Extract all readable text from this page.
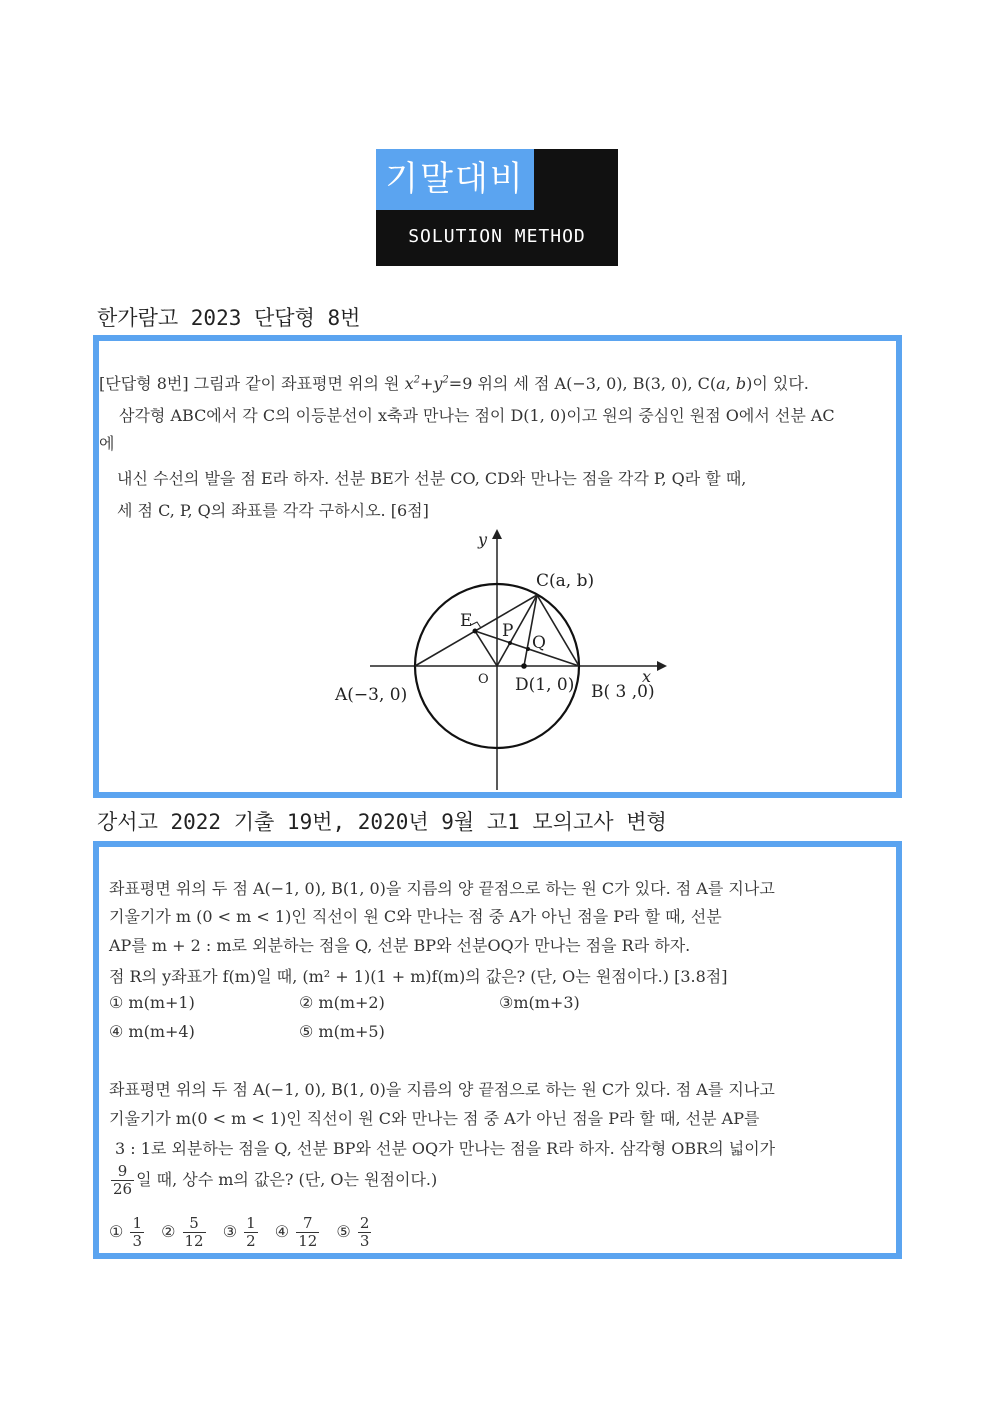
기말대비
SOLUTION METHOD
한가람고 2023 단답형 8번
[단답형 8번] 그림과 같이 좌표평면 위의 원 $x^2+y^2=9$ 위의 세 점 A(−3, 0), B(3, 0), C(a, b)이 있다.
삼각형 ABC에서 각 C의 이등분선이 x축과 만나는 점이 D(1, 0)이고 원의 중심인 원점 O에서 선분 AC
에
내신 수선의 발을 점 E라 하자. 선분 BE가 선분 CO, CD와 만나는 점을 각각 P, Q라 할 때,
세 점 C, P, Q의 좌표를 각각 구하시오. [6점]
y
x
O
C(a, b)
E P
Q
A(−3, 0)	D(1, 0) B( 3 ,0)
강서고 2022 기출 19번, 2020년 9월 고1 모의고사 변형
좌표평면 위의 두 점 A(−1, 0), B(1, 0)을 지름의 양 끝점으로 하는 원 C가 있다. 점 A를 지나고
기울기가 m (0 < m < 1)인 직선이 원 C와 만나는 점 중 A가 아닌 점을 P라 할 때, 선분
AP를 m + 2 : m로 외분하는 점을 Q, 선분 BP와 선분OQ가 만나는 점을 R라 하자.
점 R의 y좌표가 f(m)일 때, (m² + 1)(1 + m)f(m)의 값은? (단, O는 원점이다.) [3.8점]
① m(m+1)	② m(m+2)	③m(m+3)
④ m(m+4)	⑤ m(m+5)
좌표평면 위의 두 점 A(−1, 0), B(1, 0)을 지름의 양 끝점으로 하는 원 C가 있다. 점 A를 지나고
기울기가 m(0 < m < 1)인 직선이 원 C와 만나는 점 중 A가 아닌 점을 P라 할 때, 선분 AP를
3 : 1로 외분하는 점을 Q, 선분 BP와 선분 OQ가 만나는 점을 R라 하자. 삼각형 OBR의 넓이가
$\frac{9}{26}$ 일 때, 상수 m의 값은? (단, O는 원점이다.)
① $\frac{1}{3}$ ② $\frac{5}{12}$ ③ $\frac{1}{2}$ ④ $\frac{7}{12}$ ⑤ $\frac{2}{3}$
